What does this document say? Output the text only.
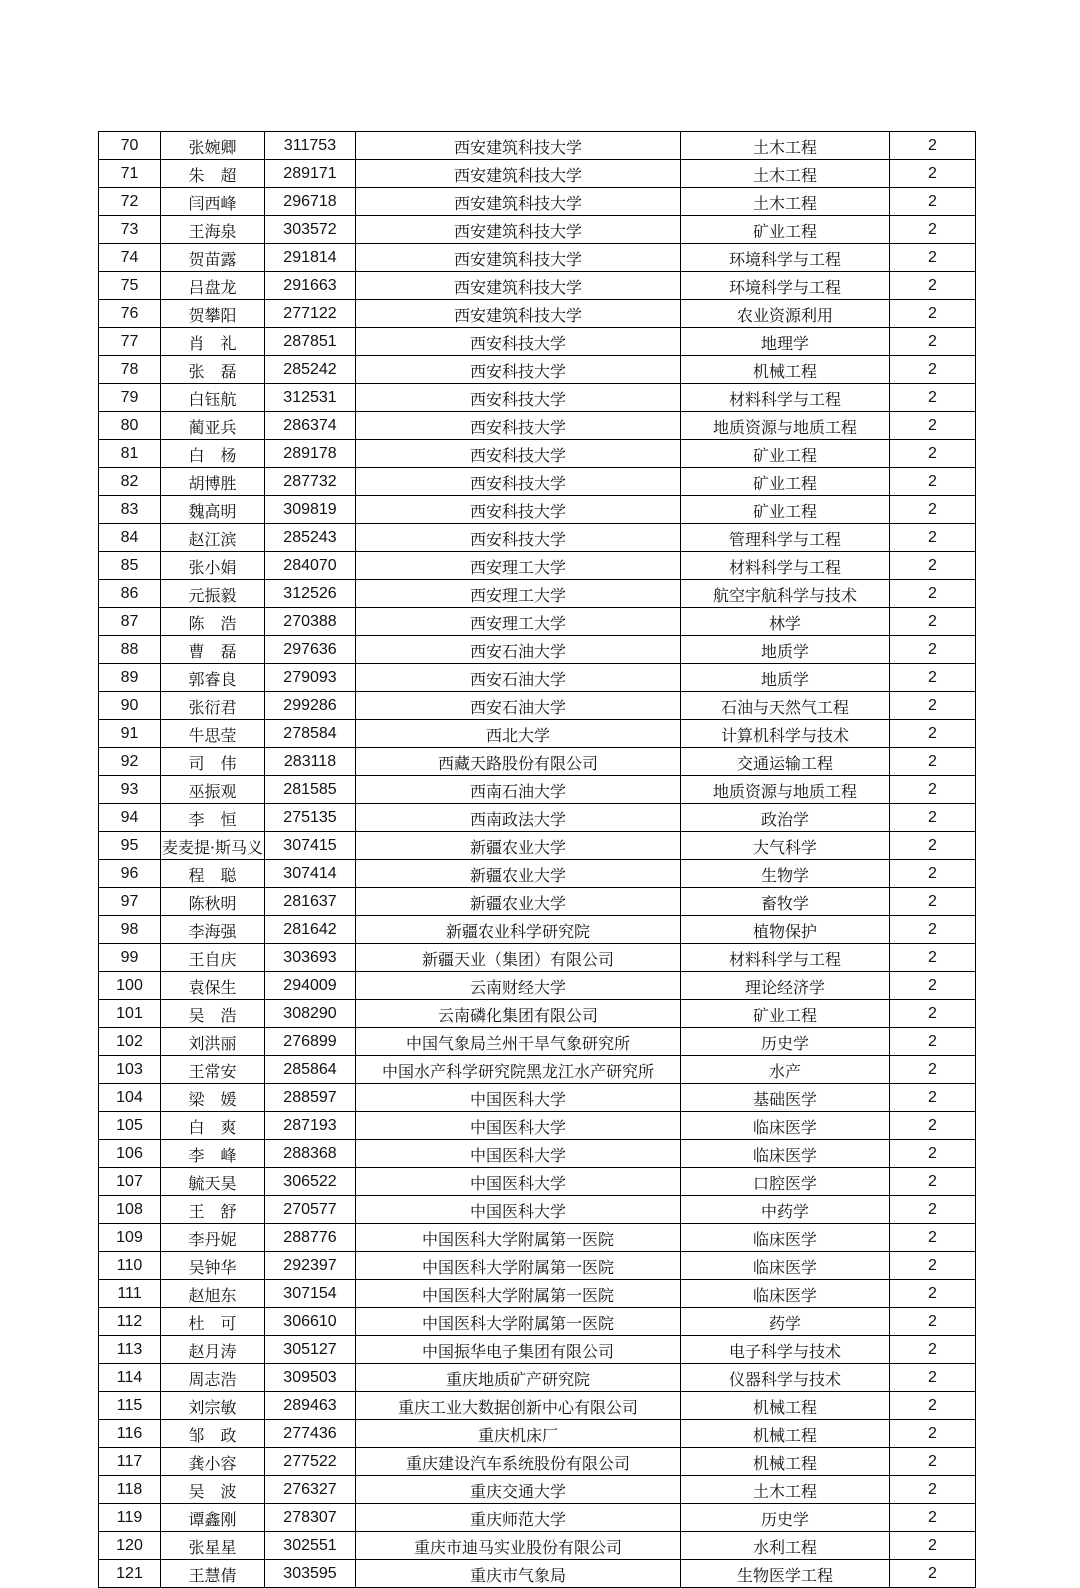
70	张婉卿	311753	西安建筑科技大学	土木工程	2
71	朱　超	289171	西安建筑科技大学	土木工程	2
72	闫西峰	296718	西安建筑科技大学	土木工程	2
73	王海泉	303572	西安建筑科技大学	矿业工程	2
74	贺苗露	291814	西安建筑科技大学	环境科学与工程	2
75	吕盘龙	291663	西安建筑科技大学	环境科学与工程	2
76	贺攀阳	277122	西安建筑科技大学	农业资源利用	2
77	肖　礼	287851	西安科技大学	地理学	2
78	张　磊	285242	西安科技大学	机械工程	2
79	白钰航	312531	西安科技大学	材料科学与工程	2
80	蔺亚兵	286374	西安科技大学	地质资源与地质工程	2
81	白　杨	289178	西安科技大学	矿业工程	2
82	胡博胜	287732	西安科技大学	矿业工程	2
83	魏高明	309819	西安科技大学	矿业工程	2
84	赵江滨	285243	西安科技大学	管理科学与工程	2
85	张小娟	284070	西安理工大学	材料科学与工程	2
86	元振毅	312526	西安理工大学	航空宇航科学与技术	2
87	陈　浩	270388	西安理工大学	林学	2
88	曹　磊	297636	西安石油大学	地质学	2
89	郭睿良	279093	西安石油大学	地质学	2
90	张衍君	299286	西安石油大学	石油与天然气工程	2
91	牛思莹	278584	西北大学	计算机科学与技术	2
92	司　伟	283118	西藏天路股份有限公司	交通运输工程	2
93	巫振观	281585	西南石油大学	地质资源与地质工程	2
94	李　恒	275135	西南政法大学	政治学	2
95	麦麦提·斯马义	307415	新疆农业大学	大气科学	2
96	程　聪	307414	新疆农业大学	生物学	2
97	陈秋明	281637	新疆农业大学	畜牧学	2
98	李海强	281642	新疆农业科学研究院	植物保护	2
99	王自庆	303693	新疆天业（集团）有限公司	材料科学与工程	2
100	袁保生	294009	云南财经大学	理论经济学	2
101	吴　浩	308290	云南磷化集团有限公司	矿业工程	2
102	刘洪丽	276899	中国气象局兰州干旱气象研究所	历史学	2
103	王常安	285864	中国水产科学研究院黑龙江水产研究所	水产	2
104	梁　媛	288597	中国医科大学	基础医学	2
105	白　爽	287193	中国医科大学	临床医学	2
106	李　峰	288368	中国医科大学	临床医学	2
107	毓天昊	306522	中国医科大学	口腔医学	2
108	王　舒	270577	中国医科大学	中药学	2
109	李丹妮	288776	中国医科大学附属第一医院	临床医学	2
110	吴钟华	292397	中国医科大学附属第一医院	临床医学	2
111	赵旭东	307154	中国医科大学附属第一医院	临床医学	2
112	杜　可	306610	中国医科大学附属第一医院	药学	2
113	赵月涛	305127	中国振华电子集团有限公司	电子科学与技术	2
114	周志浩	309503	重庆地质矿产研究院	仪器科学与技术	2
115	刘宗敏	289463	重庆工业大数据创新中心有限公司	机械工程	2
116	邹　政	277436	重庆机床厂	机械工程	2
117	龚小容	277522	重庆建设汽车系统股份有限公司	机械工程	2
118	吴　波	276327	重庆交通大学	土木工程	2
119	谭鑫刚	278307	重庆师范大学	历史学	2
120	张星星	302551	重庆市迪马实业股份有限公司	水利工程	2
121	王慧倩	303595	重庆市气象局	生物医学工程	2
